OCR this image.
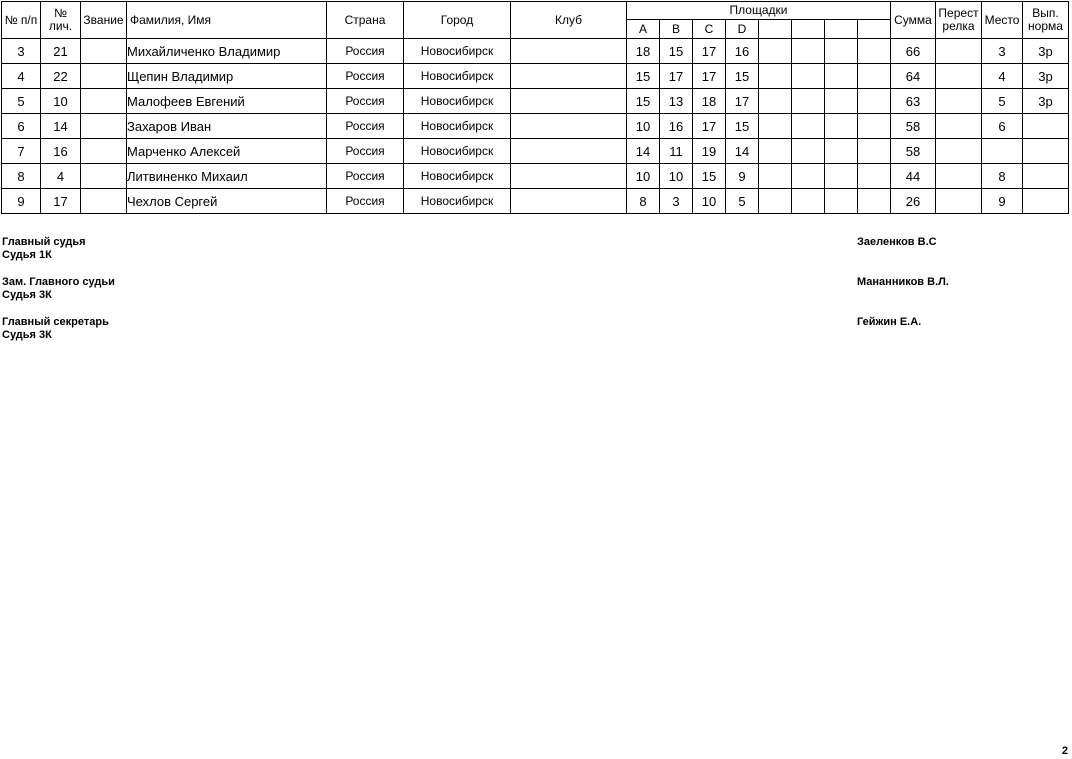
№ п/п	№ лич.	Звание	Фамилия, Имя	Страна	Город	Клуб	Площадки								Сумма	Перестрелка	Место	Вып. норма
							A	B	C	D								
3	21		Михайличенко Владимир	Россия	Новосибирск		18	15	17	16					66		3	3р
4	22		Щепин Владимир	Россия	Новосибирск		15	17	17	15					64		4	3р
5	10		Малофеев Евгений	Россия	Новосибирск		15	13	18	17					63		5	3р
6	14		Захаров Иван	Россия	Новосибирск		10	16	17	15					58		6	
7	16		Марченко Алексей	Россия	Новосибирск		14	11	19	14					58			
8	4		Литвиненко Михаил	Россия	Новосибирск		10	10	15	9					44		8	
9	17		Чехлов Сергей	Россия	Новосибирск		8	3	10	5					26		9	
Главный судья
Судья 1К
Заеленков В.С
Зам. Главного судьи
Судья 3К
Мананников В.Л.
Главный секретарь
Судья 3К
Гейжин Е.А.
2
